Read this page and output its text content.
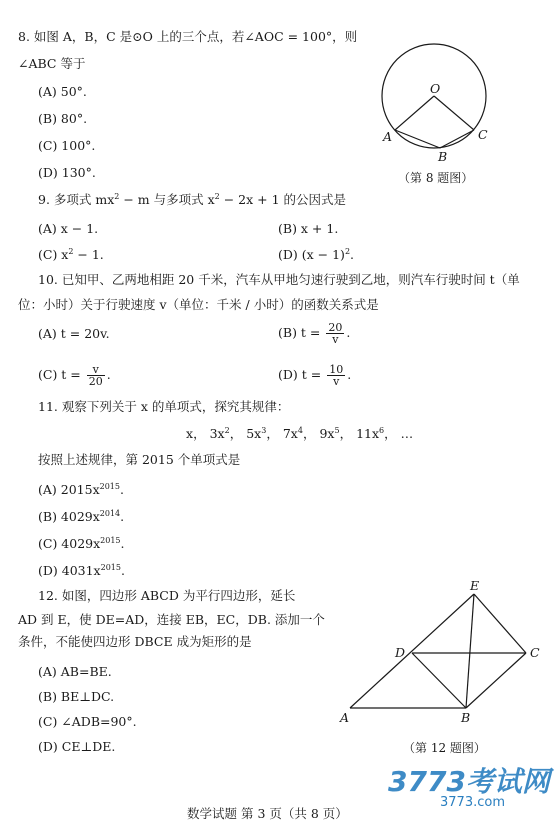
8. 如图 A，B，C 是⊙O 上的三个点，若∠AOC = 100°，则
∠ABC 等于
(A) 50°.
(B) 80°.
(C) 100°.
(D) 130°.
O
A	C
B
（第 8 题图）
9. 多项式 $mx^2 - m$ 与多项式 $x^2 - 2x + 1$ 的公因式是
(A) x − 1.	(B) x + 1.
(C) $x^2 - 1$.	(D) $(x - 1)^2$.
10. 已知甲、乙两地相距 20 千米，汽车从甲地匀速行驶到乙地，则汽车行驶时间 t（单
位：小时）关于行驶速度 v（单位：千米 / 小时）的函数关系式是
(A) t = 20v.	(B) $t = \frac{20}{v}$ .
(C) $t = \frac{v}{20}$ .	(D) $t = \frac{10}{v}$ .
11. 观察下列关于 x 的单项式，探究其规律：
x， $3x^2$， $5x^3$， $7x^4$， $9x^5$， $11x^6$， …
按照上述规律，第 2015 个单项式是
(A) $2015x^{2015}$.
(B) $4029x^{2014}$.
(C) $4029x^{2015}$.
(D) $4031x^{2015}$.
12. 如图，四边形 ABCD 为平行四边形，延长
AD 到 E，使 DE=AD，连接 EB，EC，DB. 添加一个
条件，不能使四边形 DBCE 成为矩形的是
(A) AB=BE.
(B) BE⊥DC.
(C) ∠ADB=90°.
(D) CE⊥DE.
E
D	C
A	B
（第 12 题图）
数学试题 第 3 页（共 8 页）
3773考试网
3773.com
